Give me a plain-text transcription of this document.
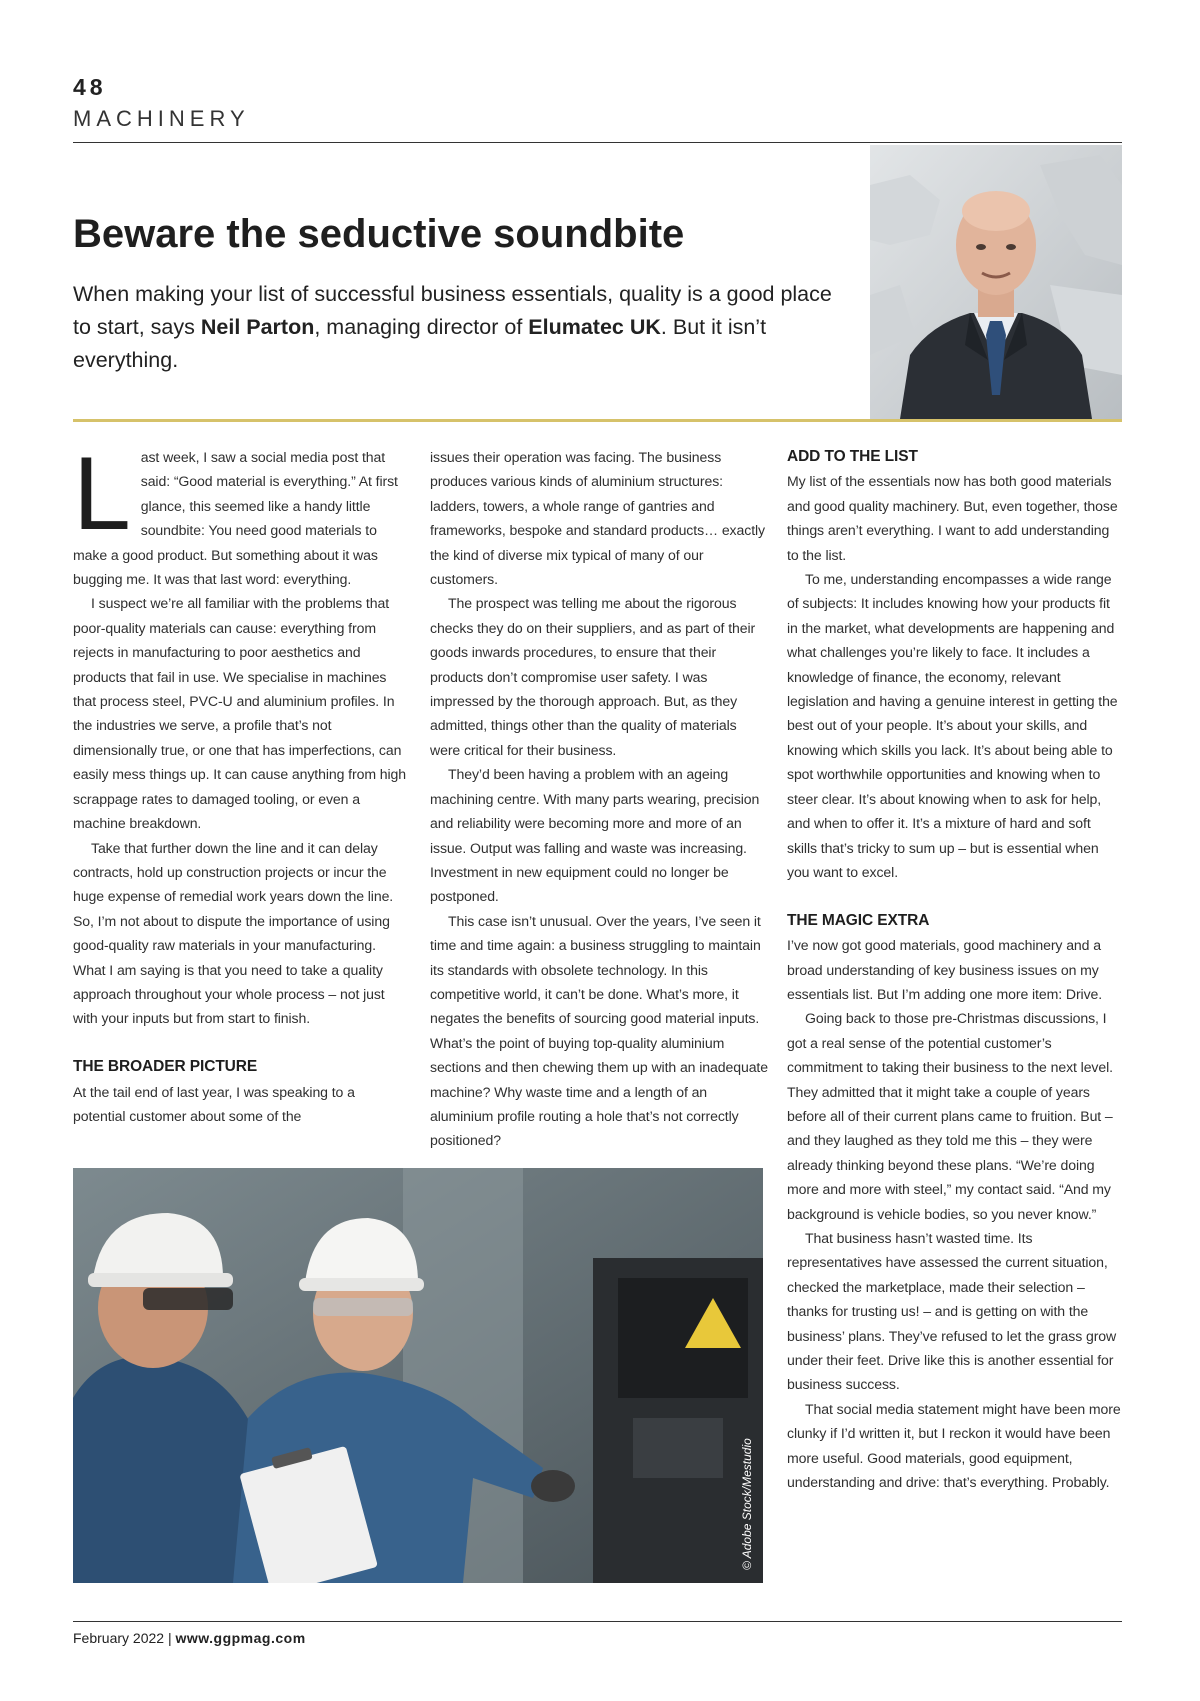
48
MACHINERY
Beware the seductive soundbite

When making your list of successful business essentials, quality is a good place to start, says Neil Parton, managing director of Elumatec UK. But it isn’t everything.

Last week, I saw a social media post that said: “Good material is everything.” At first glance, this seemed like a handy little soundbite: You need good materials to make a good product. But something about it was bugging me. It was that last word: everything.

I suspect we’re all familiar with the problems that poor-quality materials can cause: everything from rejects in manufacturing to poor aesthetics and products that fail in use. We specialise in machines that process steel, PVC-U and aluminium profiles. In the industries we serve, a profile that’s not dimensionally true, or one that has imperfections, can easily mess things up. It can cause anything from high scrappage rates to damaged tooling, or even a machine breakdown.

Take that further down the line and it can delay contracts, hold up construction projects or incur the huge expense of remedial work years down the line. So, I’m not about to dispute the importance of using good-quality raw materials in your manufacturing. What I am saying is that you need to take a quality approach throughout your whole process – not just with your inputs but from start to finish.

THE BROADER PICTURE

At the tail end of last year, I was speaking to a potential customer about some of the

issues their operation was facing. The business produces various kinds of aluminium structures: ladders, towers, a whole range of gantries and frameworks, bespoke and standard products… exactly the kind of diverse mix typical of many of our customers.

The prospect was telling me about the rigorous checks they do on their suppliers, and as part of their goods inwards procedures, to ensure that their products don’t compromise user safety. I was impressed by the thorough approach. But, as they admitted, things other than the quality of materials were critical for their business.

They’d been having a problem with an ageing machining centre. With many parts wearing, precision and reliability were becoming more and more of an issue. Output was falling and waste was increasing. Investment in new equipment could no longer be postponed.

This case isn’t unusual. Over the years, I’ve seen it time and time again: a business struggling to maintain its standards with obsolete technology. In this competitive world, it can’t be done. What’s more, it negates the benefits of sourcing good material inputs. What’s the point of buying top-quality aluminium sections and then chewing them up with an inadequate machine? Why waste time and a length of an aluminium profile routing a hole that’s not correctly positioned?

ADD TO THE LIST

My list of the essentials now has both good materials and good quality machinery. But, even together, those things aren’t everything. I want to add understanding to the list.

To me, understanding encompasses a wide range of subjects: It includes knowing how your products fit in the market, what developments are happening and what challenges you’re likely to face. It includes a knowledge of finance, the economy, relevant legislation and having a genuine interest in getting the best out of your people. It’s about your skills, and knowing which skills you lack. It’s about being able to spot worthwhile opportunities and knowing when to steer clear. It’s about knowing when to ask for help, and when to offer it. It’s a mixture of hard and soft skills that’s tricky to sum up – but is essential when you want to excel.

THE MAGIC EXTRA

I’ve now got good materials, good machinery and a broad understanding of key business issues on my essentials list. But I’m adding one more item: Drive.

Going back to those pre-Christmas discussions, I got a real sense of the potential customer’s commitment to taking their business to the next level. They admitted that it might take a couple of years before all of their current plans came to fruition. But – and they laughed as they told me this – they were already thinking beyond these plans. “We’re doing more and more with steel,” my contact said. “And my background is vehicle bodies, so you never know.”

That business hasn’t wasted time. Its representatives have assessed the current situation, checked the marketplace, made their selection – thanks for trusting us! – and is getting on with the business’ plans. They’ve refused to let the grass grow under their feet. Drive like this is another essential for business success.

That social media statement might have been more clunky if I’d written it, but I reckon it would have been more useful. Good materials, good equipment, understanding and drive: that’s everything. Probably.

© Adobe Stock/Mestudio
February 2022 | www.ggpmag.com
